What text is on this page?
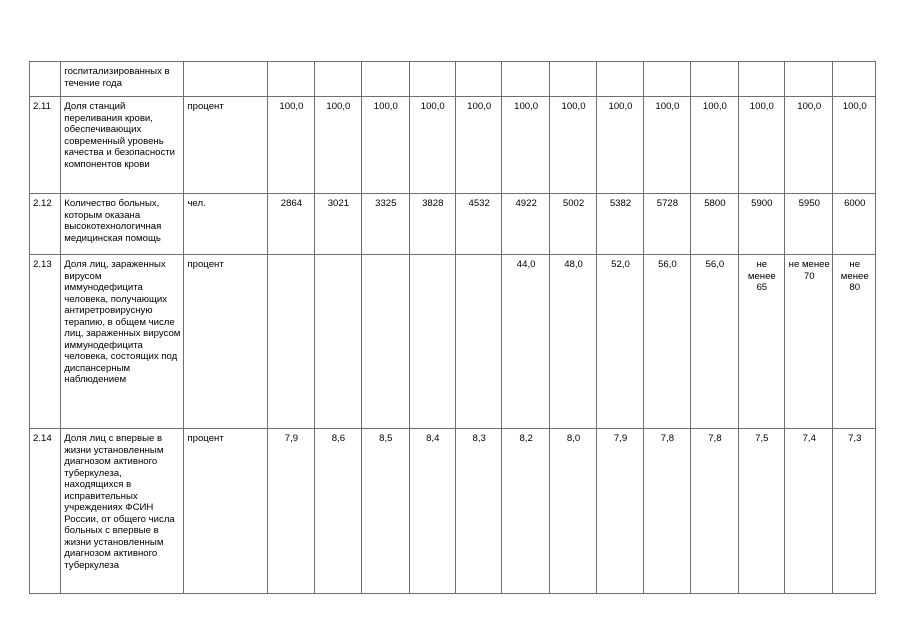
	госпитализированных в течение года														
2.11	Доля станций переливания крови, обеспечивающих современный уровень качества и безопасности компонентов крови	процент	100,0	100,0	100,0	100,0	100,0	100,0	100,0	100,0	100,0	100,0	100,0	100,0	100,0
2.12	Количество больных, которым оказана высокотехнологичная медицинская помощь	чел.	2864	3021	3325	3828	4532	4922	5002	5382	5728	5800	5900	5950	6000
2.13	Доля лиц, зараженных вирусом иммунодефицита человека, получающих антиретровирусную терапию, в общем числе лиц, зараженных вирусом иммунодефицита человека, состоящих под диспансерным наблюдением	процент						44,0	48,0	52,0	56,0	56,0	не менее 65	не менее 70	не менее 80
2.14	Доля лиц с впервые в жизни установленным диагнозом активного туберкулеза, находящихся в исправительных учреждениях ФСИН России, от общего числа больных с впервые в жизни установленным диагнозом активного туберкулеза	процент	7,9	8,6	8,5	8,4	8,3	8,2	8,0	7,9	7,8	7,8	7,5	7,4	7,3
